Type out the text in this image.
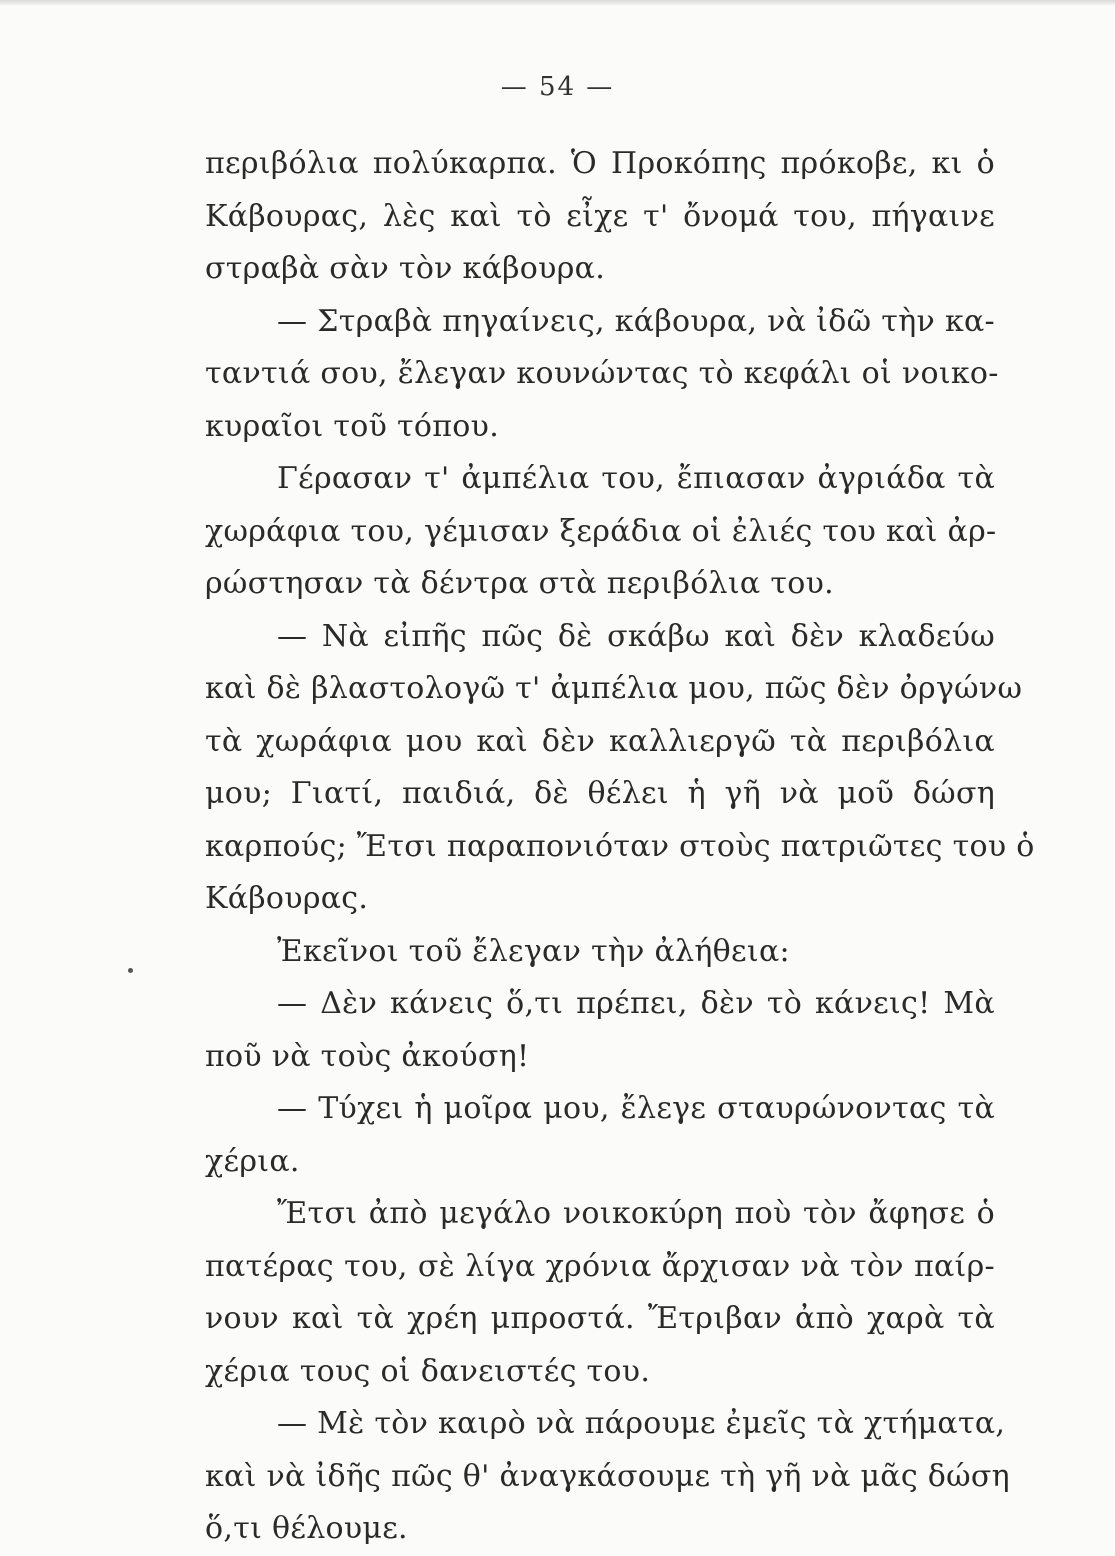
— 54 —
περιβόλια πολύκαρπα. Ὁ Προκόπης πρόκοβε, κι ὁ
Κάβουρας, λὲς καὶ τὸ εἶχε τ' ὄνομά του, πήγαινε
στραβὰ σὰν τὸν κάβουρα.
— Στραβὰ πηγαίνεις, κάβουρα, νὰ ἰδῶ τὴν κα-
ταντιά σου, ἔλεγαν κουνώντας τὸ κεφάλι οἱ νοικο-
κυραῖοι τοῦ τόπου.
Γέρασαν τ' ἀμπέλια του, ἔπιασαν ἀγριάδα τὰ
χωράφια του, γέμισαν ξεράδια οἱ ἐλιές του καὶ ἀρ-
ρώστησαν τὰ δέντρα στὰ περιβόλια του.
— Νὰ εἰπῆς πῶς δὲ σκάβω καὶ δὲν κλαδεύω
καὶ δὲ βλαστολογῶ τ' ἀμπέλια μου, πῶς δὲν ὀργώνω
τὰ χωράφια μου καὶ δὲν καλλιεργῶ τὰ περιβόλια
μου; Γιατί, παιδιά, δὲ θέλει ἡ γῆ νὰ μοῦ δώση
καρπούς; Ἔτσι παραπονιόταν στοὺς πατριῶτες του ὁ
Κάβουρας.
Ἐκεῖνοι τοῦ ἔλεγαν τὴν ἀλήθεια:
— Δὲν κάνεις ὅ,τι πρέπει, δὲν τὸ κάνεις! Μὰ
ποῦ νὰ τοὺς ἀκούση!
— Τύχει ἡ μοῖρα μου, ἔλεγε σταυρώνοντας τὰ
χέρια.
Ἔτσι ἀπὸ μεγάλο νοικοκύρη ποὺ τὸν ἄφησε ὁ
πατέρας του, σὲ λίγα χρόνια ἄρχισαν νὰ τὸν παίρ-
νουν καὶ τὰ χρέη μπροστά. Ἔτριβαν ἀπὸ χαρὰ τὰ
χέρια τους οἱ δανειστές του.
— Μὲ τὸν καιρὸ νὰ πάρουμε ἐμεῖς τὰ χτήματα,
καὶ νὰ ἰδῆς πῶς θ' ἀναγκάσουμε τὴ γῆ νὰ μᾶς δώση
ὅ,τι θέλουμε.
